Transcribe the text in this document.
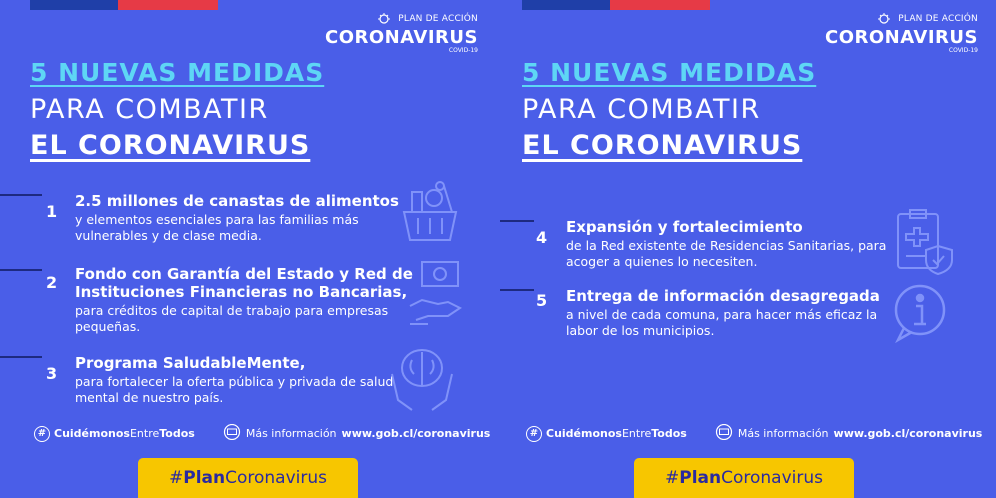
PLAN DE ACCIÓN
CORONAVIRUS
COVID-19
5 NUEVAS MEDIDAS
PARA COMBATIR
EL CORONAVIRUS
1
2.5 millones de canastas de alimentos
y elementos esenciales para las familias más vulnerables y de clase media.
2 Fondo con Garantía del Estado y Red de Instituciones Financieras no Bancarias,
para créditos de capital de trabajo para empresas pequeñas.
3
Programa SaludableMente,
para fortalecer la oferta pública y privada de salud mental de nuestro país.
# CuidémonosEntreTodos	Más información www.gob.cl/coronavirus
# Plan Coronavirus
PLAN DE ACCIÓN
CORONAVIRUS
COVID-19
5 NUEVAS MEDIDAS
PARA COMBATIR
EL CORONAVIRUS
4
Expansión y fortalecimiento
de la Red existente de Residencias Sanitarias, para acoger a quienes lo necesiten.
5 Entrega de información desagregada
a nivel de cada comuna, para hacer más eficaz la labor de los municipios.
# CuidémonosEntreTodos	Más información www.gob.cl/coronavirus
# Plan Coronavirus
